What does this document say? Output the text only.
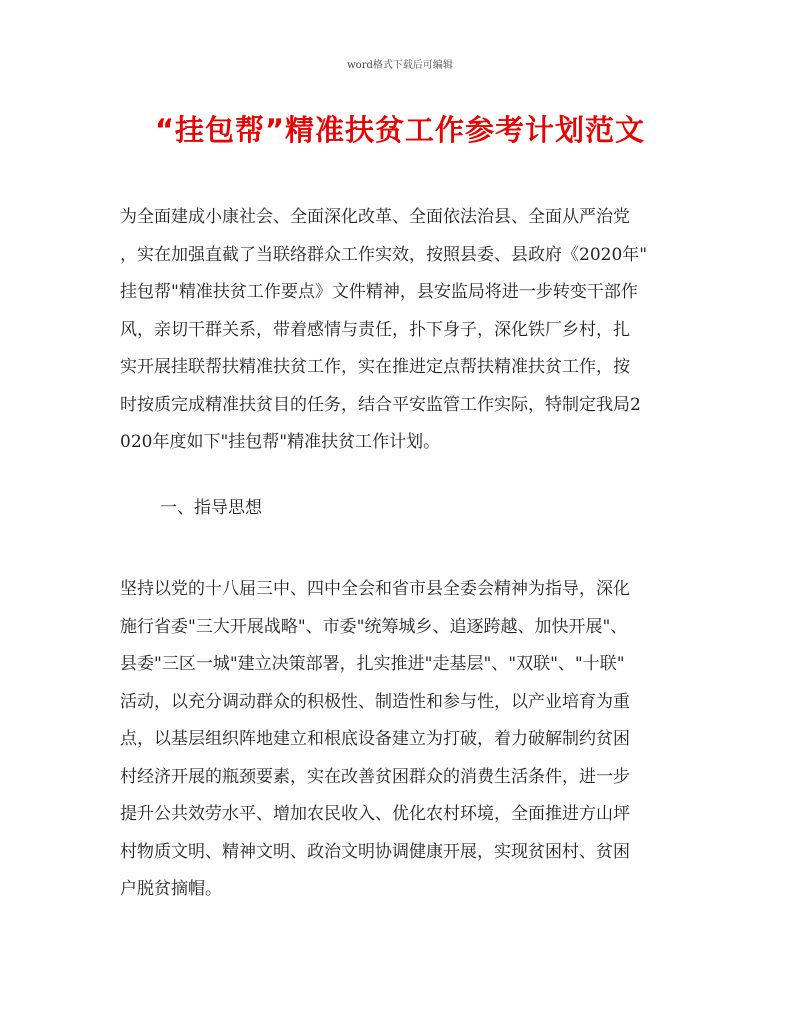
word格式下载后可编辑
“挂包帮”精准扶贫工作参考计划范文
为全面建成小康社会、全面深化改革、全面依法治县、全面从严治党
，实在加强直截了当联络群众工作实效，按照县委、县政府《2020年"
挂包帮"精准扶贫工作要点》文件精神，县安监局将进一步转变干部作
风，亲切干群关系，带着感情与责任，扑下身子，深化铁厂乡村，扎
实开展挂联帮扶精准扶贫工作，实在推进定点帮扶精准扶贫工作，按
时按质完成精准扶贫目的任务，结合平安监管工作实际，特制定我局2
020年度如下"挂包帮"精准扶贫工作计划。
一、指导思想
坚持以党的十八届三中、四中全会和省市县全委会精神为指导，深化
施行省委"三大开展战略"、市委"统筹城乡、追逐跨越、加快开展"、
县委"三区一城"建立决策部署，扎实推进"走基层"、"双联"、"十联"
活动，以充分调动群众的积极性、制造性和参与性，以产业培育为重
点，以基层组织阵地建立和根底设备建立为打破，着力破解制约贫困
村经济开展的瓶颈要素，实在改善贫困群众的消费生活条件，进一步
提升公共效劳水平、增加农民收入、优化农村环境，全面推进方山坪
村物质文明、精神文明、政治文明协调健康开展，实现贫困村、贫困
户脱贫摘帽。
